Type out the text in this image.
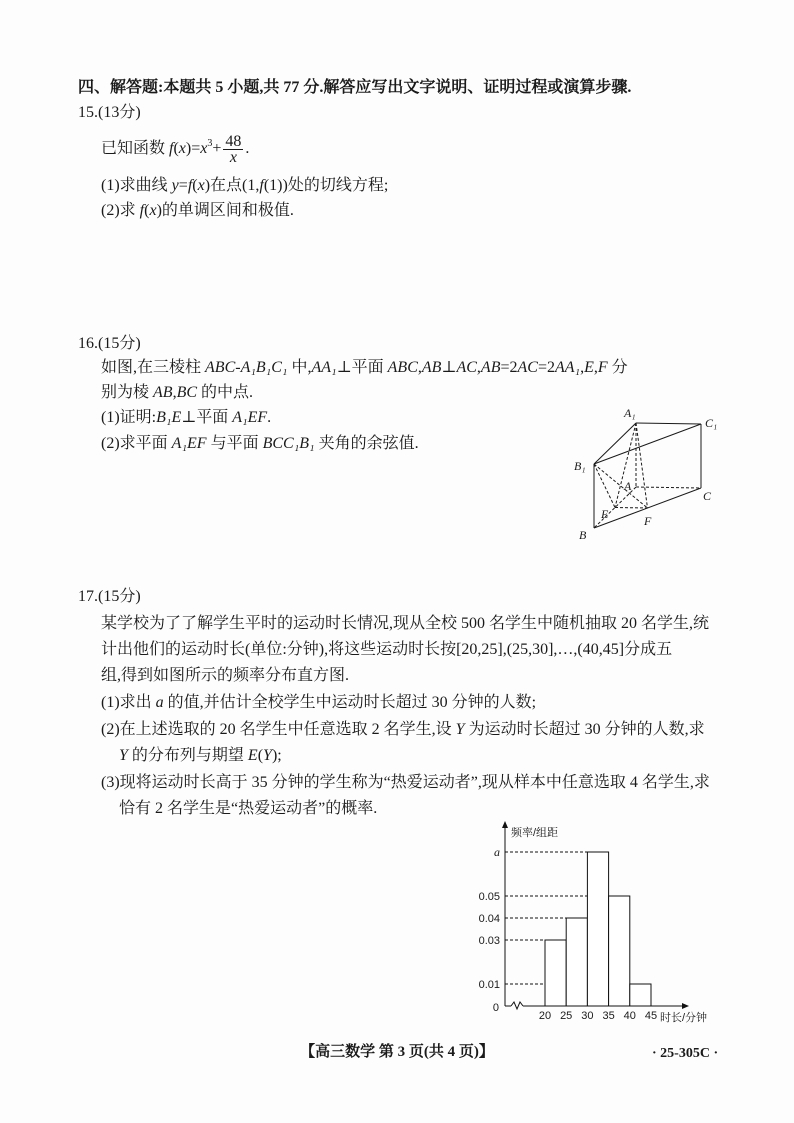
四、解答题:本题共 5 小题,共 77 分.解答应写出文字说明、证明过程或演算步骤.
15.(13分)
已知函数 $f(x)=x^3+ \frac{48}{x}$ .
(1)求曲线 y=f(x)在点(1,f(1))处的切线方程;
(2)求 f(x)的单调区间和极值.
16.(15分)
如图,在三棱柱 ABC-A₁B₁C₁ 中,AA₁⊥平面 ABC,AB⊥AC,AB=2AC=2AA₁,E,F 分
别为棱 AB,BC 的中点.
(1)证明:B₁E⊥平面 A₁EF.
(2)求平面 A₁EF 与平面 BCC₁B₁ 夹角的余弦值.
A₁
C₁
B₁
A
C
E	F
B
17.(15分)
某学校为了了解学生平时的运动时长情况,现从全校 500 名学生中随机抽取 20 名学生,统
计出他们的运动时长(单位:分钟),将这些运动时长按[20,25],(25,30],…,(40,45]分成五
组,得到如图所示的频率分布直方图.
(1)求出 a 的值,并估计全校学生中运动时长超过 30 分钟的人数;
(2)在上述选取的 20 名学生中任意选取 2 名学生,设 Y 为运动时长超过 30 分钟的人数,求
Y 的分布列与期望 E(Y);
(3)现将运动时长高于 35 分钟的学生称为“热爱运动者”,现从样本中任意选取 4 名学生,求
恰有 2 名学生是“热爱运动者”的概率.
a
0.05
0.04
0.03
0.01
0
20 25 30 35 40 45
频率/组距
时长/分钟
【高三数学 第 3 页(共 4 页)】	· 25-305C ·
